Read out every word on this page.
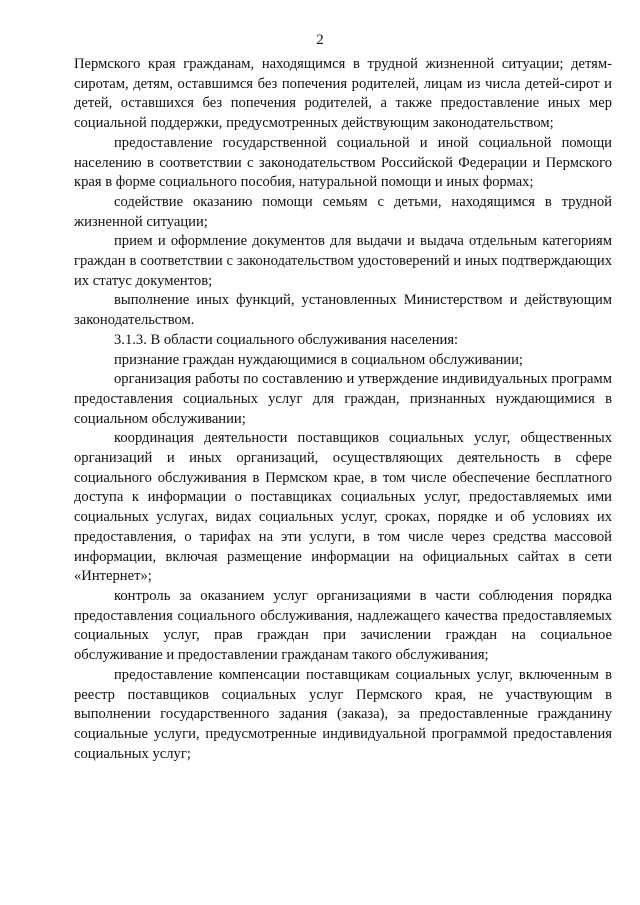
2

Пермского края гражданам, находящимся в трудной жизненной ситуации; детям-сиротам, детям, оставшимся без попечения родителей, лицам из числа детей-сирот и детей, оставшихся без попечения родителей, а также предоставление иных мер социальной поддержки, предусмотренных действующим законодательством;

предоставление государственной социальной и иной социальной помощи населению в соответствии с законодательством Российской Федерации и Пермского края в форме социального пособия, натуральной помощи и иных формах;

содействие оказанию помощи семьям с детьми, находящимся в трудной жизненной ситуации;

прием и оформление документов для выдачи и выдача отдельным категориям граждан в соответствии с законодательством удостоверений и иных подтверждающих их статус документов;

выполнение иных функций, установленных Министерством и действующим законодательством.

3.1.3. В области социального обслуживания населения:

признание граждан нуждающимися в социальном обслуживании;

организация работы по составлению и утверждение индивидуальных программ предоставления социальных услуг для граждан, признанных нуждающимися в социальном обслуживании;

координация деятельности поставщиков социальных услуг, общественных организаций и иных организаций, осуществляющих деятельность в сфере социального обслуживания в Пермском крае, в том числе обеспечение бесплатного доступа к информации о поставщиках социальных услуг, предоставляемых ими социальных услугах, видах социальных услуг, сроках, порядке и об условиях их предоставления, о тарифах на эти услуги, в том числе через средства массовой информации, включая размещение информации на официальных сайтах в сети «Интернет»;

контроль за оказанием услуг организациями в части соблюдения порядка предоставления социального обслуживания, надлежащего качества предоставляемых социальных услуг, прав граждан при зачислении граждан на социальное обслуживание и предоставлении гражданам такого обслуживания;

предоставление компенсации поставщикам социальных услуг, включенным в реестр поставщиков социальных услуг Пермского края, не участвующим в выполнении государственного задания (заказа), за предоставленные гражданину социальные услуги, предусмотренные индивидуальной программой предоставления социальных услуг;
